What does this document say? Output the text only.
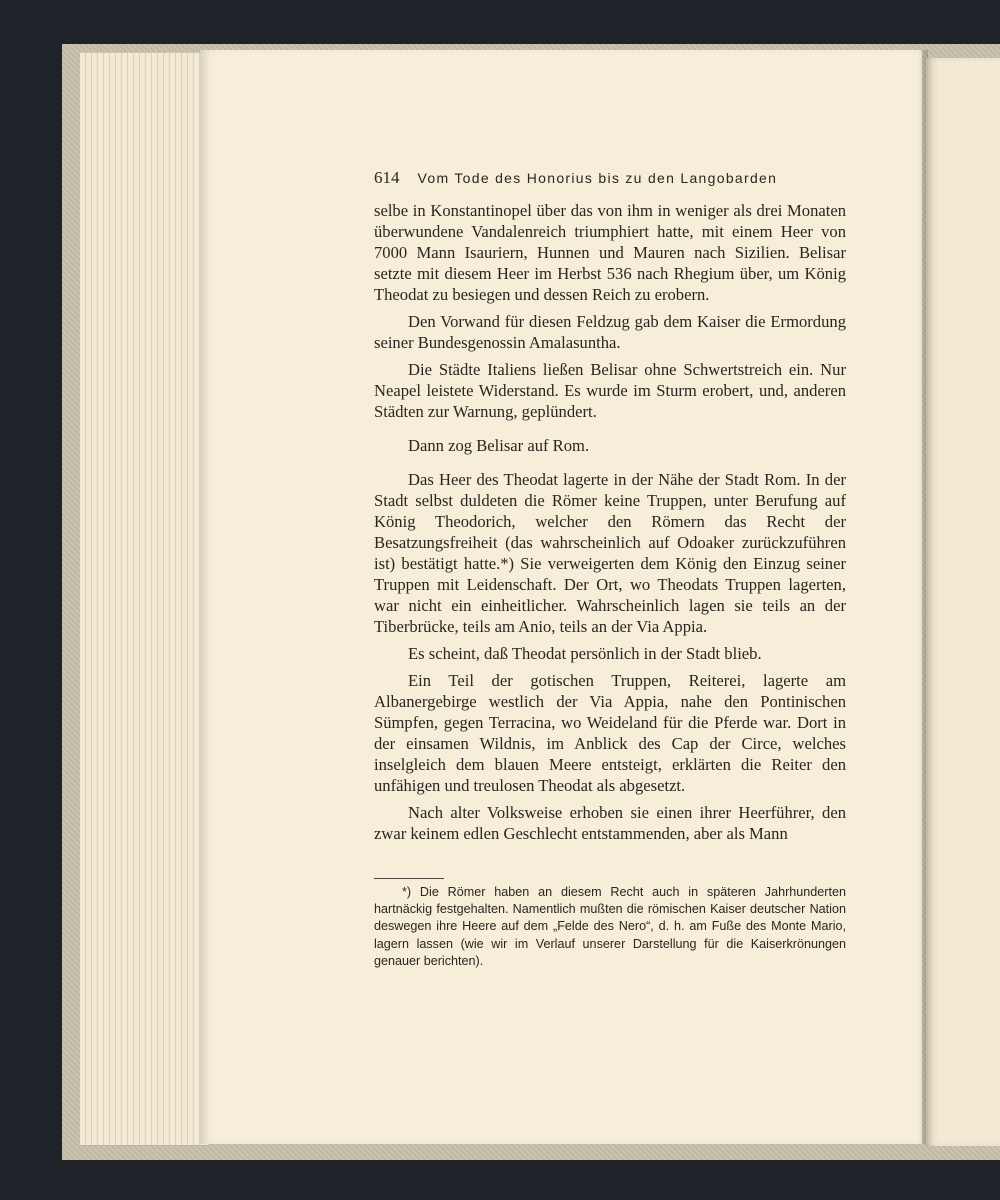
614 Vom Tode des Honorius bis zu den Langobarden

selbe in Konstantinopel über das von ihm in weniger als drei Monaten überwundene Vandalenreich triumphiert hatte, mit einem Heer von 7000 Mann Isauriern, Hunnen und Mauren nach Sizilien. Belisar setzte mit diesem Heer im Herbst 536 nach Rhegium über, um König Theodat zu besiegen und dessen Reich zu erobern.

Den Vorwand für diesen Feldzug gab dem Kaiser die Ermordung seiner Bundesgenossin Amalasuntha.

Die Städte Italiens ließen Belisar ohne Schwertstreich ein. Nur Neapel leistete Widerstand. Es wurde im Sturm erobert, und, anderen Städten zur Warnung, geplündert.

Dann zog Belisar auf Rom.

Das Heer des Theodat lagerte in der Nähe der Stadt Rom. In der Stadt selbst duldeten die Römer keine Truppen, unter Berufung auf König Theodorich, welcher den Römern das Recht der Besatzungsfreiheit (das wahrscheinlich auf Odoaker zurückzuführen ist) bestätigt hatte.*) Sie verweigerten dem König den Einzug seiner Truppen mit Leidenschaft. Der Ort, wo Theodats Truppen lagerten, war nicht ein einheitlicher. Wahrscheinlich lagen sie teils an der Tiberbrücke, teils am Anio, teils an der Via Appia.

Es scheint, daß Theodat persönlich in der Stadt blieb.

Ein Teil der gotischen Truppen, Reiterei, lagerte am Albanergebirge westlich der Via Appia, nahe den Pontinischen Sümpfen, gegen Terracina, wo Weideland für die Pferde war. Dort in der einsamen Wildnis, im Anblick des Cap der Circe, welches inselgleich dem blauen Meere entsteigt, erklärten die Reiter den unfähigen und treulosen Theodat als abgesetzt.

Nach alter Volksweise erhoben sie einen ihrer Heerführer, den zwar keinem edlen Geschlecht entstammenden, aber als Mann

*) Die Römer haben an diesem Recht auch in späteren Jahrhunderten hartnäckig festgehalten. Namentlich mußten die römischen Kaiser deutscher Nation deswegen ihre Heere auf dem „Felde des Nero“, d. h. am Fuße des Monte Mario, lagern lassen (wie wir im Verlauf unserer Darstellung für die Kaiserkrönungen genauer berichten).
